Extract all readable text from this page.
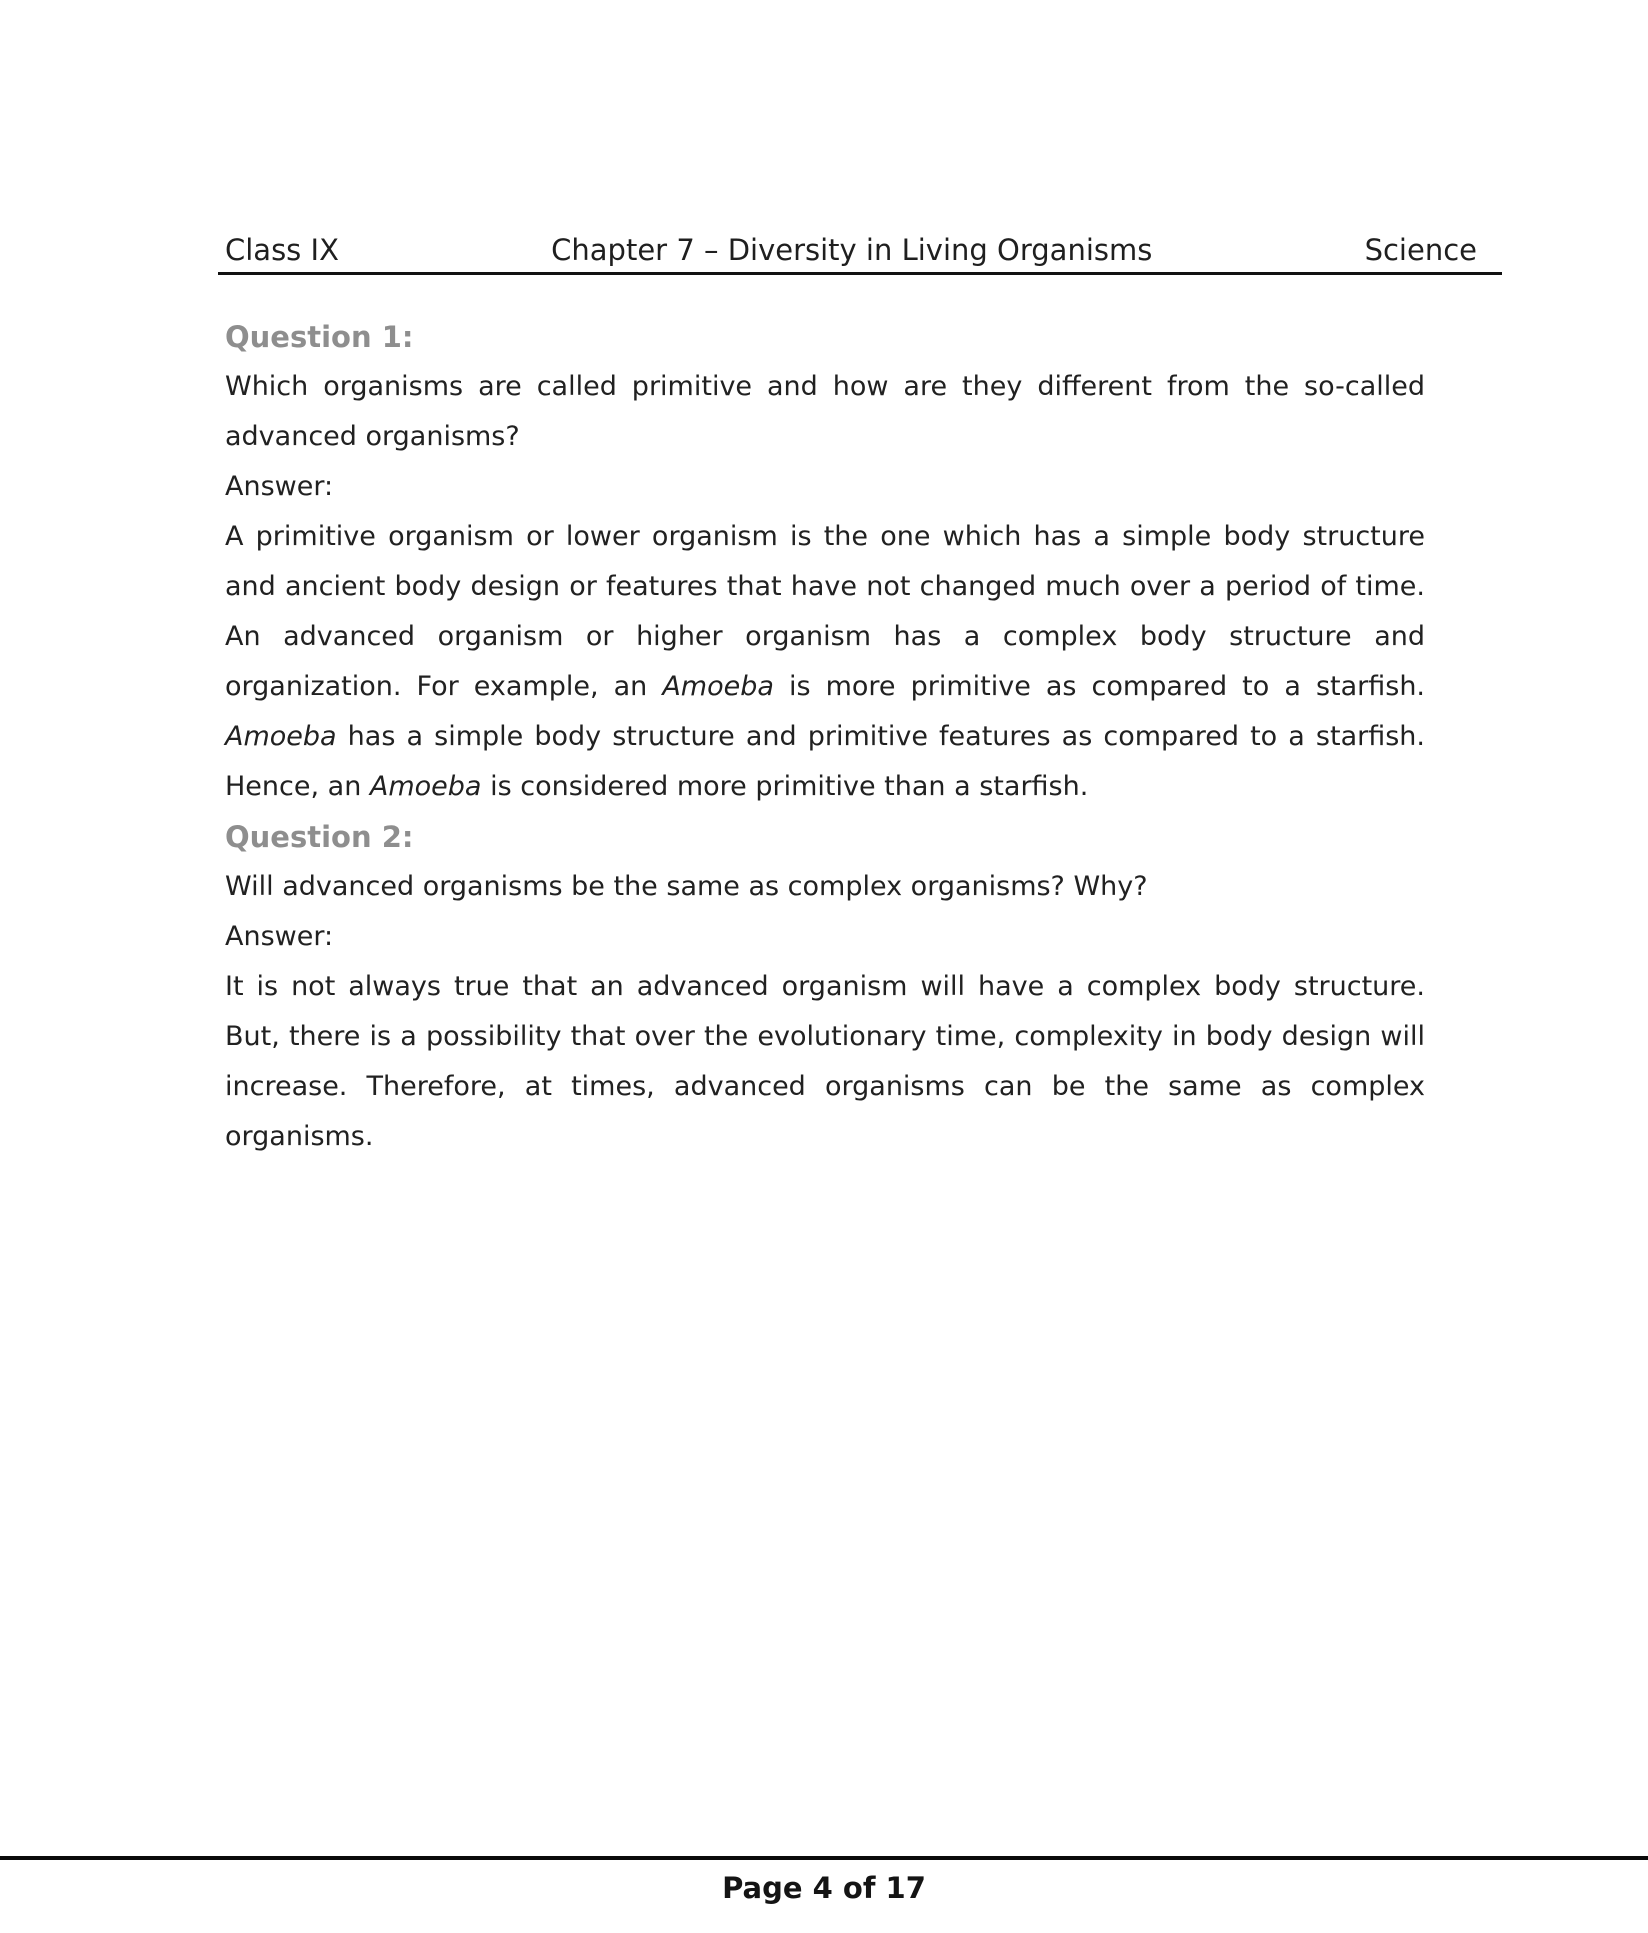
Class IX	Chapter 7 – Diversity in Living Organisms	Science

Question 1:

Which organisms are called primitive and how are they different from the so-called advanced organisms?

Answer:

A primitive organism or lower organism is the one which has a simple body structure and ancient body design or features that have not changed much over a period of time. An advanced organism or higher organism has a complex body structure and organization. For example, an Amoeba is more primitive as compared to a starfish. Amoeba has a simple body structure and primitive features as compared to a starfish. Hence, an Amoeba is considered more primitive than a starfish.

Question 2:

Will advanced organisms be the same as complex organisms? Why?

Answer:

It is not always true that an advanced organism will have a complex body structure. But, there is a possibility that over the evolutionary time, complexity in body design will increase. Therefore, at times, advanced organisms can be the same as complex organisms.

Page 4 of 17
